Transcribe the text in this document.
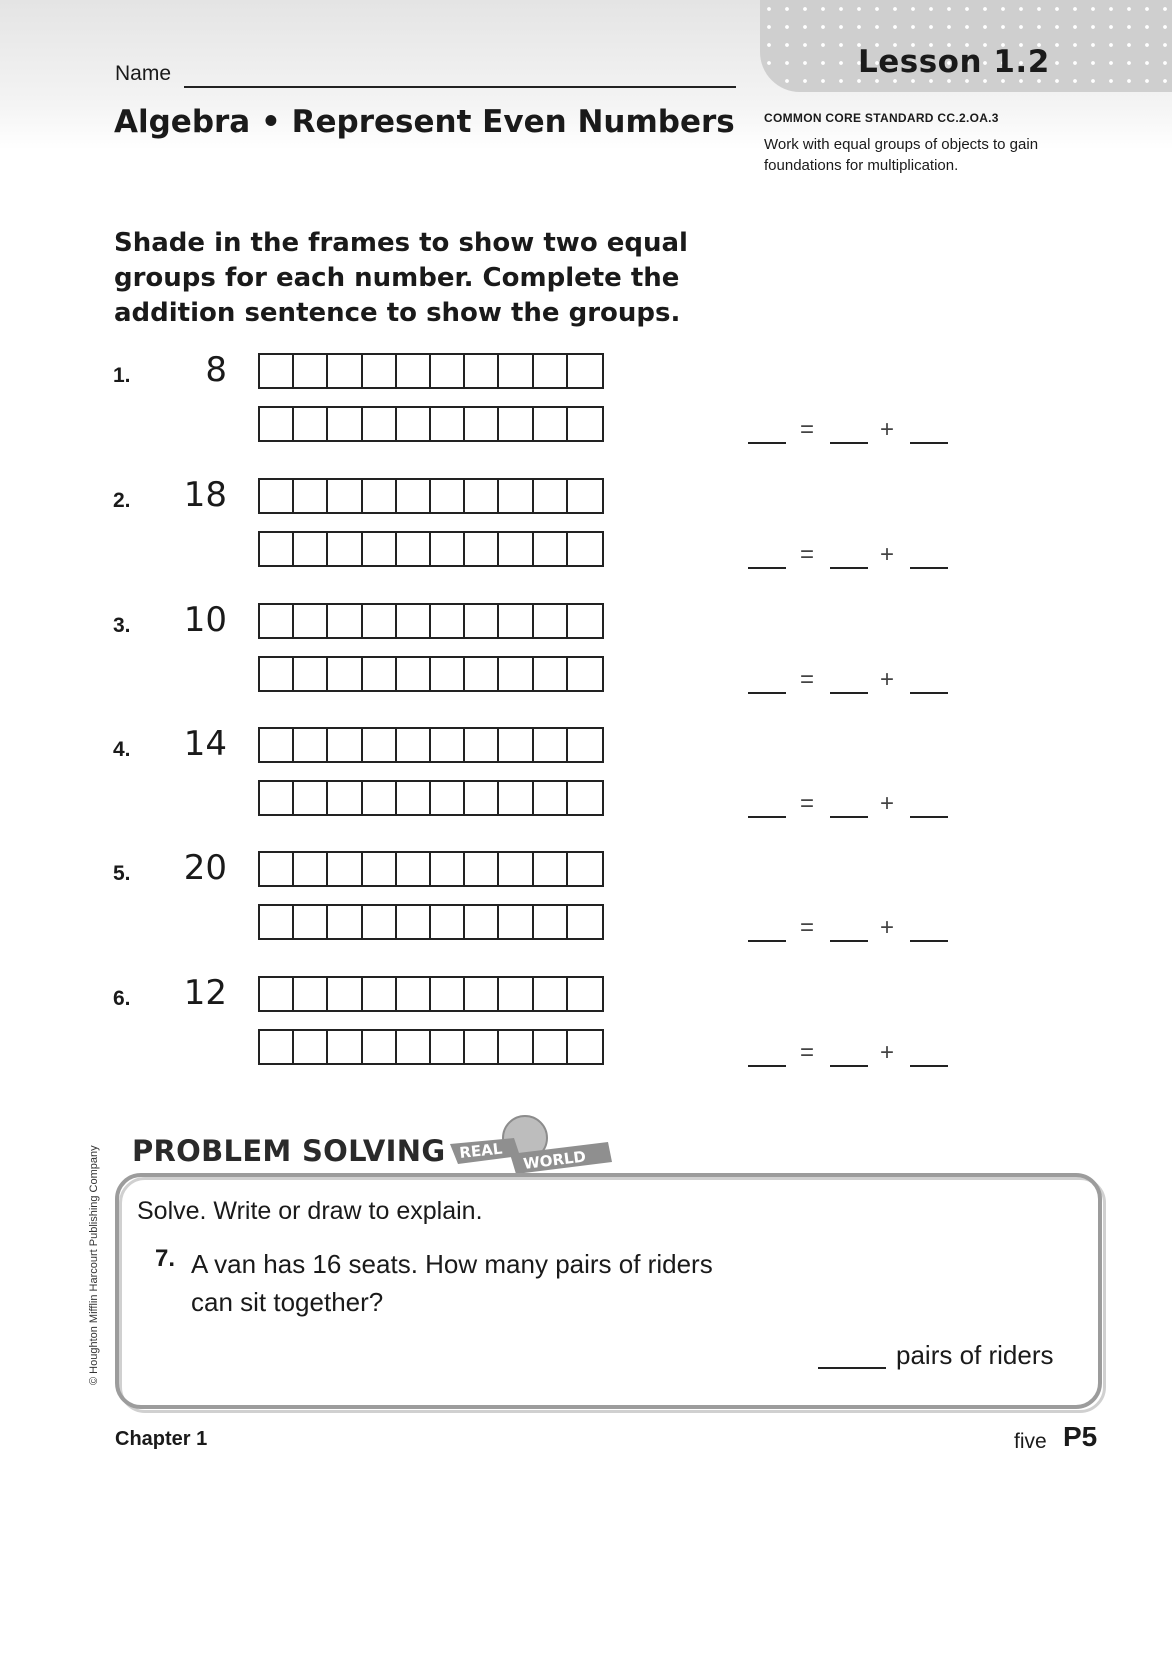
Lesson 1.2
Name
Algebra • Represent Even Numbers COMMON CORE STANDARD CC.2.OA.3
Work with equal groups of objects to gain foundations for multiplication.
Shade in the frames to show two equal groups for each number. Complete the addition sentence to show the groups.
1.	8
=	+
2.	18
=	+
3.	10
=	+
4.	14
=	+
5.	20
=	+
6.	12
=	+
PROBLEM SOLVING REAL WORLD
Solve. Write or draw to explain.
7. A van has 16 seats. How many pairs of riders can sit together?
pairs of riders
Chapter 1	five P5
© Houghton Mifflin Harcourt Publishing Company
